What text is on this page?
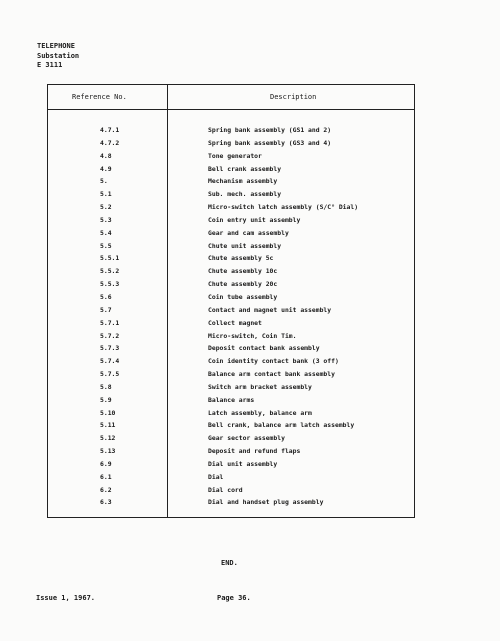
TELEPHONE
Substation
E 3111
Reference No.	Description
4.7.1	Spring bank assembly (GS1 and 2)
4.7.2	Spring bank assembly (GS3 and 4)
4.8	Tone generator
4.9	Bell crank assembly
5.	Mechanism assembly
5.1	Sub. mech. assembly
5.2	Micro-switch latch assembly (S/C° Dial)
5.3	Coin entry unit assembly
5.4	Gear and cam assembly
5.5	Chute unit assembly
5.5.1	Chute assembly 5c
5.5.2	Chute assembly 10c
5.5.3	Chute assembly 20c
5.6	Coin tube assembly
5.7	Contact and magnet unit assembly
5.7.1	Collect magnet
5.7.2	Micro-switch, Coin Tim.
5.7.3	Deposit contact bank assembly
5.7.4	Coin identity contact bank (3 off)
5.7.5	Balance arm contact bank assembly
5.8	Switch arm bracket assembly
5.9	Balance arms
5.10	Latch assembly, balance arm
5.11	Bell crank, balance arm latch assembly
5.12	Gear sector assembly
5.13	Deposit and refund flaps
6.9	Dial unit assembly
6.1	Dial
6.2	Dial cord
6.3	Dial and handset plug assembly
END.
Issue 1, 1967.	Page 36.
